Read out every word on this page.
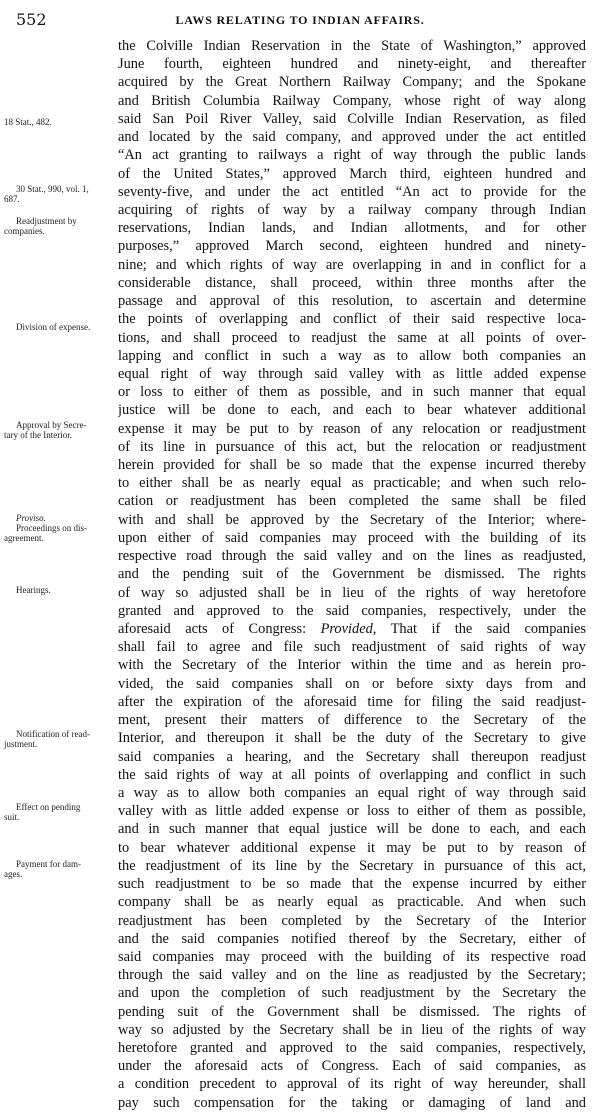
552	LAWS RELATING TO INDIAN AFFAIRS.
18 Stat., 482.
30 Stat., 990, vol. 1,
687.
Readjustment by
companies.
Division of expense.
Approval by Secre-
tary of the Interior.
Proviso.
Proceedings on dis-
agreement.
Hearings.
Notification of read-
justment.
Effect on pending
suit.
Payment for dam-
ages.
the Colville Indian Reservation in the State of Washington,” approved
June fourth, eighteen hundred and ninety-eight, and thereafter
acquired by the Great Northern Railway Company; and the Spokane
and British Columbia Railway Company, whose right of way along
said San Poil River Valley, said Colville Indian Reservation, as filed
and located by the said company, and approved under the act entitled
“An act granting to railways a right of way through the public lands
of the United States,” approved March third, eighteen hundred and
seventy-five, and under the act entitled “An act to provide for the
acquiring of rights of way by a railway company through Indian
reservations, Indian lands, and Indian allotments, and for other
purposes,” approved March second, eighteen hundred and ninety-
nine; and which rights of way are overlapping in and in conflict for a
considerable distance, shall proceed, within three months after the
passage and approval of this resolution, to ascertain and determine
the points of overlapping and conflict of their said respective loca-
tions, and shall proceed to readjust the same at all points of over-
lapping and conflict in such a way as to allow both companies an
equal right of way through said valley with as little added expense
or loss to either of them as possible, and in such manner that equal
justice will be done to each, and each to bear whatever additional
expense it may be put to by reason of any relocation or readjustment
of its line in pursuance of this act, but the relocation or readjustment
herein provided for shall be so made that the expense incurred thereby
to either shall be as nearly equal as practicable; and when such relo-
cation or readjustment has been completed the same shall be filed
with and shall be approved by the Secretary of the Interior; where-
upon either of said companies may proceed with the building of its
respective road through the said valley and on the lines as readjusted,
and the pending suit of the Government be dismissed. The rights
of way so adjusted shall be in lieu of the rights of way heretofore
granted and approved to the said companies, respectively, under the
aforesaid acts of Congress: Provided, That if the said companies
shall fail to agree and file such readjustment of said rights of way
with the Secretary of the Interior within the time and as herein pro-
vided, the said companies shall on or before sixty days from and
after the expiration of the aforesaid time for filing the said readjust-
ment, present their matters of difference to the Secretary of the
Interior, and thereupon it shall be the duty of the Secretary to give
said companies a hearing, and the Secretary shall thereupon readjust
the said rights of way at all points of overlapping and conflict in such
a way as to allow both companies an equal right of way through said
valley with as little added expense or loss to either of them as possible,
and in such manner that equal justice will be done to each, and each
to bear whatever additional expense it may be put to by reason of
the readjustment of its line by the Secretary in pursuance of this act,
such readjustment to be so made that the expense incurred by either
company shall be as nearly equal as practicable. And when such
readjustment has been completed by the Secretary of the Interior
and the said companies notified thereof by the Secretary, either of
said companies may proceed with the building of its respective road
through the said valley and on the line as readjusted by the Secretary;
and upon the completion of such readjustment by the Secretary the
pending suit of the Government shall be dismissed. The rights of
way so adjusted by the Secretary shall be in lieu of the rights of way
heretofore granted and approved to the said companies, respectively,
under the aforesaid acts of Congress. Each of said companies, as
a condition precedent to approval of its right of way hereunder, shall
pay such compensation for the taking or damaging of land and
